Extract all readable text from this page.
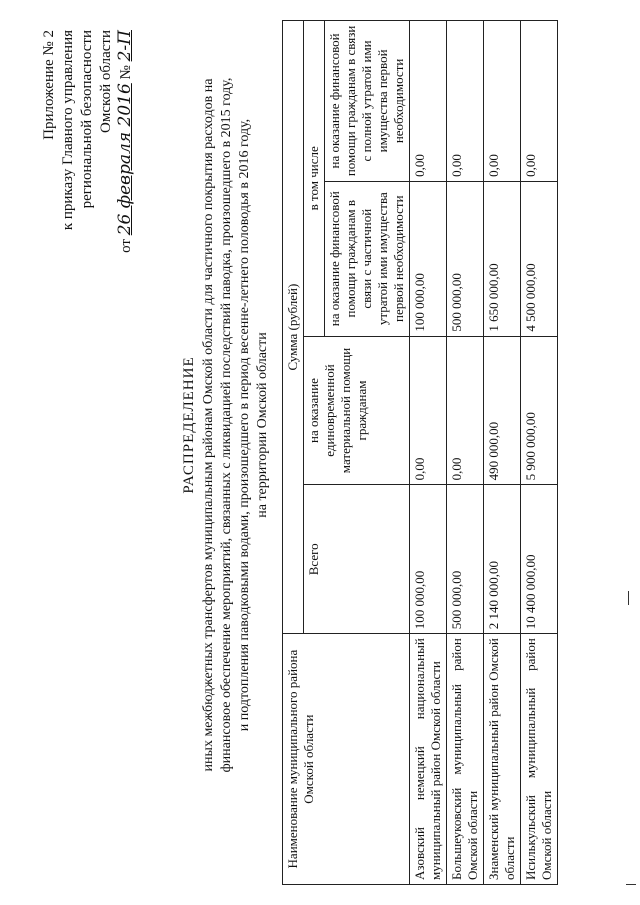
Приложение № 2 к приказу Главного управления региональной безопасности Омской области
от 26 февраля 2016 № 2-П
РАСПРЕДЕЛЕНИЕ иных межбюджетных трансфертов муниципальным районам Омской области для частичного покрытия расходов на финансовое обеспечение мероприятий, связанных с ликвидацией последствий паводка, произошедшего в 2015 году, и подтопления паводковыми водами, произошедшего в период весенне-летнего половодья в 2016 году, на территории Омской области
Наименование муниципального района Омской области	Сумма (рублей)			
	Всего	на оказание единовременной материальной помощи гражданам	в том числе	
			на оказание финансовой помощи гражданам в связи с частичной утратой ими имущества первой необходимости	на оказание финансовой помощи гражданам в связи с полной утратой ими имущества первой необходимости
Азовский немецкий национальный муниципальный район Омской области	100 000,00	0,00	100 000,00	0,00
Большеуковский муниципальный район Омской области	500 000,00	0,00	500 000,00	0,00
Знаменский муниципальный район Омской области	2 140 000,00	490 000,00	1 650 000,00	0,00
Исилькульский муниципальный район Омской области	10 400 000,00	5 900 000,00	4 500 000,00	0,00
